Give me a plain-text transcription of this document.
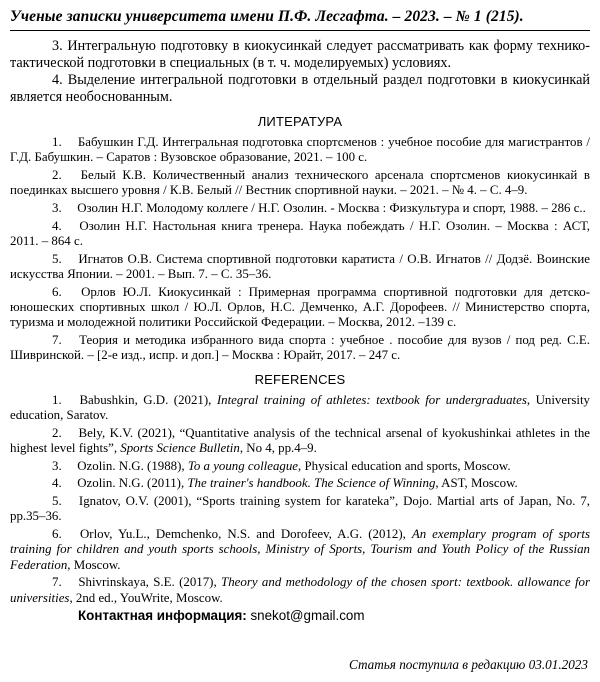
Ученые записки университета имени П.Ф. Лесгафта. – 2023. – № 1 (215).

3. Интегральную подготовку в киокусинкай следует рассматривать как форму технико-тактической подготовки в специальных (в т. ч. моделируемых) условиях.

4. Выделение интегральной подготовки в отдельный раздел подготовки в киокусинкай является необоснованным.

ЛИТЕРАТУРА

1. Бабушкин Г.Д. Интегральная подготовка спортсменов : учебное пособие для магистрантов / Г.Д. Бабушкин. – Саратов : Вузовское образование, 2021. – 100 с.

2. Белый К.В. Количественный анализ технического арсенала спортсменов киокусинкай в поединках высшего уровня / К.В. Белый // Вестник спортивной науки. – 2021. – № 4. – С. 4–9.

3. Озолин Н.Г. Молодому коллеге / Н.Г. Озолин. - Москва : Физкультура и спорт, 1988. – 286 с..

4. Озолин Н.Г. Настольная книга тренера. Наука побеждать / Н.Г. Озолин. – Москва : АСТ, 2011. – 864 с.

5. Игнатов О.В. Система спортивной подготовки каратиста / О.В. Игнатов // Додзё. Воинские искусства Японии. – 2001. – Вып. 7. – С. 35–36.

6. Орлов Ю.Л. Киокусинкай : Примерная программа спортивной подготовки для детско-юношеских спортивных школ / Ю.Л. Орлов, Н.С. Демченко, А.Г. Дорофеев. // Министерство спорта, туризма и молодежной политики Российской Федерации. – Москва, 2012. –139 с.

7. Теория и методика избранного вида спорта : учебное . пособие для вузов / под ред. С.Е. Шивринской. – [2-е изд., испр. и доп.] – Москва : Юрайт, 2017. – 247 с.

REFERENCES

1. Babushkin, G.D. (2021), Integral training of athletes: textbook for undergraduates, University education, Saratov.

2. Bely, K.V. (2021), “Quantitative analysis of the technical arsenal of kyokushinkai athletes in the highest level fights”, Sports Science Bulletin, No 4, pp.4–9.

3. Ozolin. N.G. (1988), To a young colleague, Physical education and sports, Moscow.

4. Ozolin. N.G. (2011), The trainer's handbook. The Science of Winning, AST, Moscow.

5. Ignatov, O.V. (2001), “Sports training system for karateka”, Dojo. Martial arts of Japan, No. 7, pp.35–36.

6. Orlov, Yu.L., Demchenko, N.S. and Dorofeev, A.G. (2012), An exemplary program of sports training for children and youth sports schools, Ministry of Sports, Tourism and Youth Policy of the Russian Federation, Moscow.

7. Shivrinskaya, S.E. (2017), Theory and methodology of the chosen sport: textbook. allowance for universities, 2nd ed., YouWrite, Moscow.

Контактная информация: snekot@gmail.com
Статья поступила в редакцию 03.01.2023
